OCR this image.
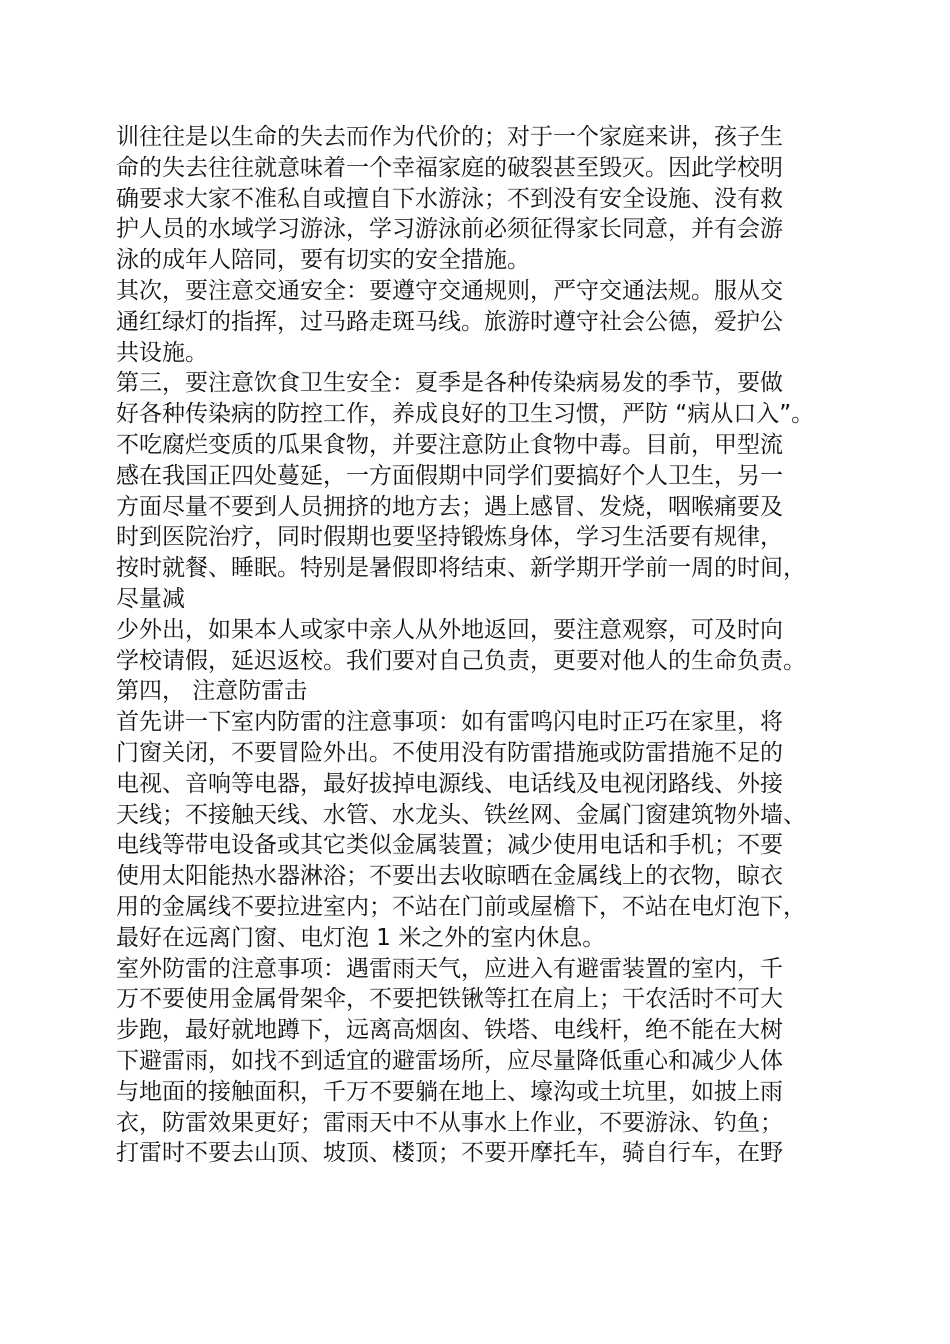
训往往是以生命的失去而作为代价的；对于一个家庭来讲，孩子生
命的失去往往就意味着一个幸福家庭的破裂甚至毁灭。因此学校明
确要求大家不准私自或擅自下水游泳；不到没有安全设施、没有救
护人员的水域学习游泳，学习游泳前必须征得家长同意，并有会游
泳的成年人陪同，要有切实的安全措施。
其次，要注意交通安全：要遵守交通规则，严守交通法规。服从交
通红绿灯的指挥，过马路走斑马线。旅游时遵守社会公德，爱护公
共设施。
第三，要注意饮食卫生安全：夏季是各种传染病易发的季节，要做
好各种传染病的防控工作，养成良好的卫生习惯，严防 “病从口入”。
不吃腐烂变质的瓜果食物，并要注意防止食物中毒。目前，甲型流
感在我国正四处蔓延，一方面假期中同学们要搞好个人卫生，另一
方面尽量不要到人员拥挤的地方去；遇上感冒、发烧，咽喉痛要及
时到医院治疗，同时假期也要坚持锻炼身体，学习生活要有规律，
按时就餐、睡眠。特别是暑假即将结束、新学期开学前一周的时间，
尽量减
少外出，如果本人或家中亲人从外地返回，要注意观察，可及时向
学校请假，延迟返校。我们要对自己负责，更要对他人的生命负责。
第四， 注意防雷击
首先讲一下室内防雷的注意事项：如有雷鸣闪电时正巧在家里，将
门窗关闭，不要冒险外出。不使用没有防雷措施或防雷措施不足的
电视、音响等电器，最好拔掉电源线、电话线及电视闭路线、外接
天线；不接触天线、水管、水龙头、铁丝网、金属门窗建筑物外墙、
电线等带电设备或其它类似金属装置；减少使用电话和手机；不要
使用太阳能热水器淋浴；不要出去收晾晒在金属线上的衣物，晾衣
用的金属线不要拉进室内；不站在门前或屋檐下，不站在电灯泡下，
最好在远离门窗、电灯泡 1 米之外的室内休息。
室外防雷的注意事项：遇雷雨天气，应进入有避雷装置的室内，千
万不要使用金属骨架伞，不要把铁锹等扛在肩上；干农活时不可大
步跑，最好就地蹲下，远离高烟囱、铁塔、电线杆，绝不能在大树
下避雷雨，如找不到适宜的避雷场所，应尽量降低重心和减少人体
与地面的接触面积，千万不要躺在地上、壕沟或土坑里，如披上雨
衣，防雷效果更好；雷雨天中不从事水上作业，不要游泳、钓鱼；
打雷时不要去山顶、坡顶、楼顶；不要开摩托车，骑自行车，在野
